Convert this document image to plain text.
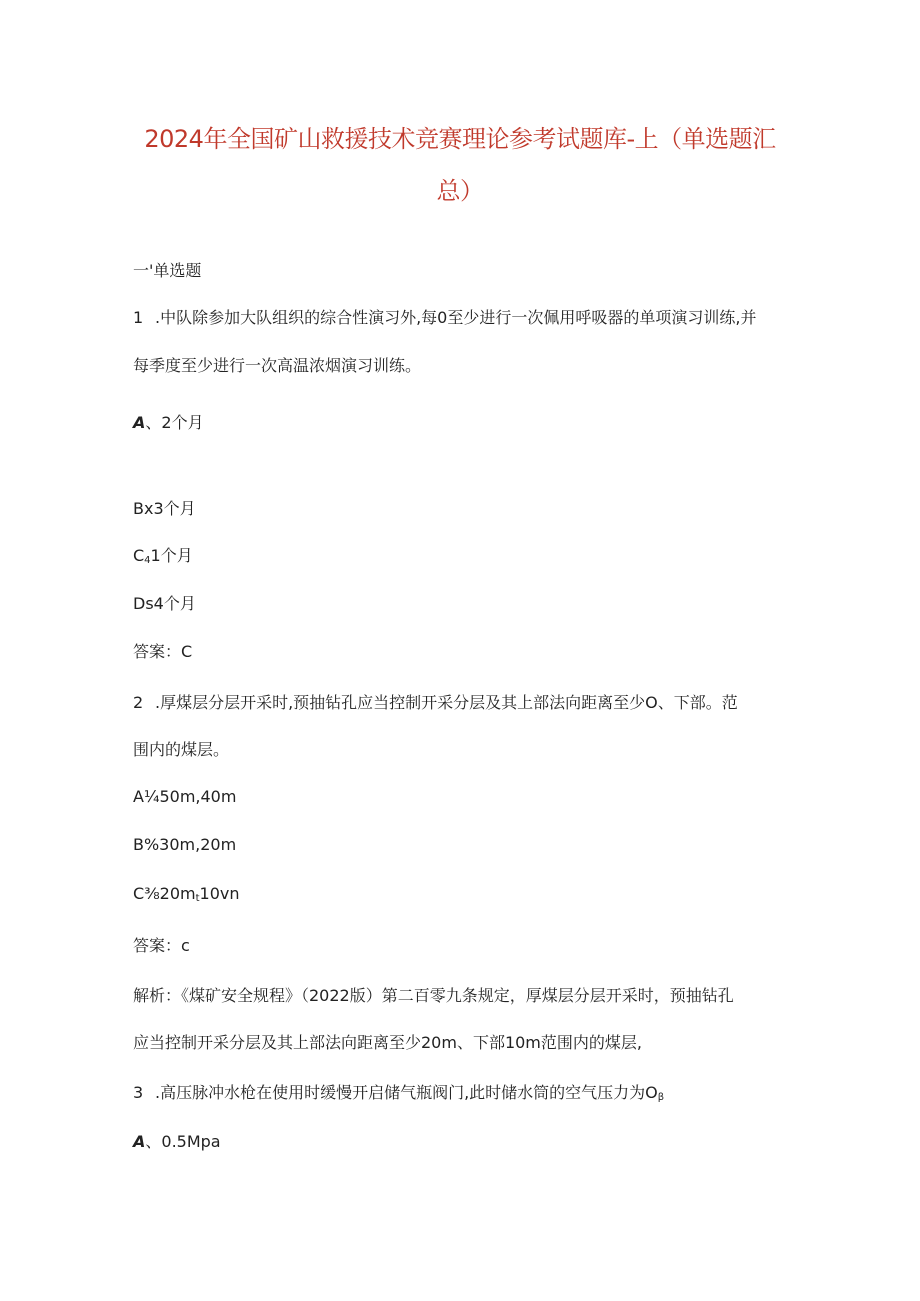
2024年全国矿山救援技术竞赛理论参考试题库-上（单选题汇
总）
一'单选题
1 .中队除参加大队组织的综合性演习外,每0至少进行一次佩用呼吸器的单项演习训练,并
每季度至少进行一次高温浓烟演习训练。
A、2个月
Bx3个月
$C_41$个月
Ds4个月
答案：C
2 .厚煤层分层开采时,预抽钻孔应当控制开采分层及其上部法向距离至少O、下部。范
围内的煤层。
A¼50m,40m
B%30m,20m
$C\frac{3}{8}20m_t10vn$
答案：c
解析：《煤矿安全规程》（2022版）第二百零九条规定，厚煤层分层开采时，预抽钻孔
应当控制开采分层及其上部法向距离至少20m、下部10m范围内的煤层,
3 .高压脉冲水枪在使用时缓慢开启储气瓶阀门,此时储水筒的空气压力为$O_\beta$
A、0.5Mpa
